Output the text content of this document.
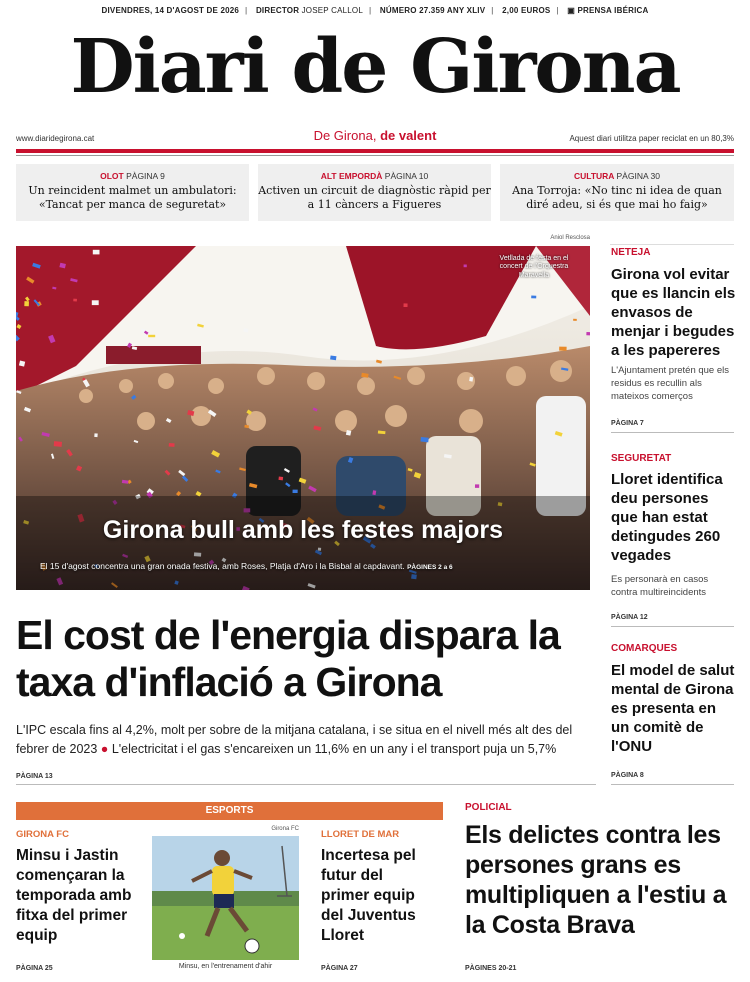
DIVENDRES, 14 D'AGOST DE 2026 | DIRECTOR JOSEP CALLOL | NÚMERO 27.359 ANY XLIV | 2,00 EUROS | ▣ PRENSA IBÉRICA
Diari de Girona
www.diaridegirona.cat	De Girona, de valent	Aquest diari utilitza paper reciclat en un 80,3%
OLOT PÀGINA 9
Un reincident malmet un ambulatori: «Tancat per manca de seguretat»
ALT EMPORDÀ PÀGINA 10
Activen un circuit de diagnòstic ràpid per a 11 càncers a Figueres
CULTURA PÀGINA 30
Ana Torroja: «No tinc ni idea de quan diré adeu, si és que mai ho faig»
Aniol Resclosa
Vetllada de festa en el concert de l'Orquestra Maravella
Girona bull amb les festes majors
El 15 d'agost concentra una gran onada festiva, amb Roses, Platja d'Aro i la Bisbal al capdavant. PÀGINES 2 a 6
El cost de l'energia dispara la taxa d'inflació a Girona
L'IPC escala fins al 4,2%, molt per sobre de la mitjana catalana, i se situa en el nivell més alt des del febrer de 2023 ● L'electricitat i el gas s'encareixen un 11,6% en un any i el transport puja un 5,7%
PÀGINA 13
NETEJA
Girona vol evitar que es llancin els envasos de menjar i begudes a les papereres
L'Ajuntament pretén que els residus es recullin als mateixos comerços
PÀGINA 7
SEGURETAT
Lloret identifica deu persones que han estat detingudes 260 vegades
Es personarà en casos contra multireincidents
PÀGINA 12
COMARQUES
El model de salut mental de Girona es presenta en un comitè de l'ONU
PÀGINA 8
ESPORTS
GIRONA FC
Minsu i Jastin començaran la temporada amb fitxa del primer equip
PÀGINA 25
Girona FC
Minsu, en l'entrenament d'ahir
LLORET DE MAR
Incertesa pel futur del primer equip del Juventus Lloret
PÀGINA 27
POLICIAL
Els delictes contra les persones grans es multipliquen a l'estiu a la Costa Brava
PÀGINES 20-21
